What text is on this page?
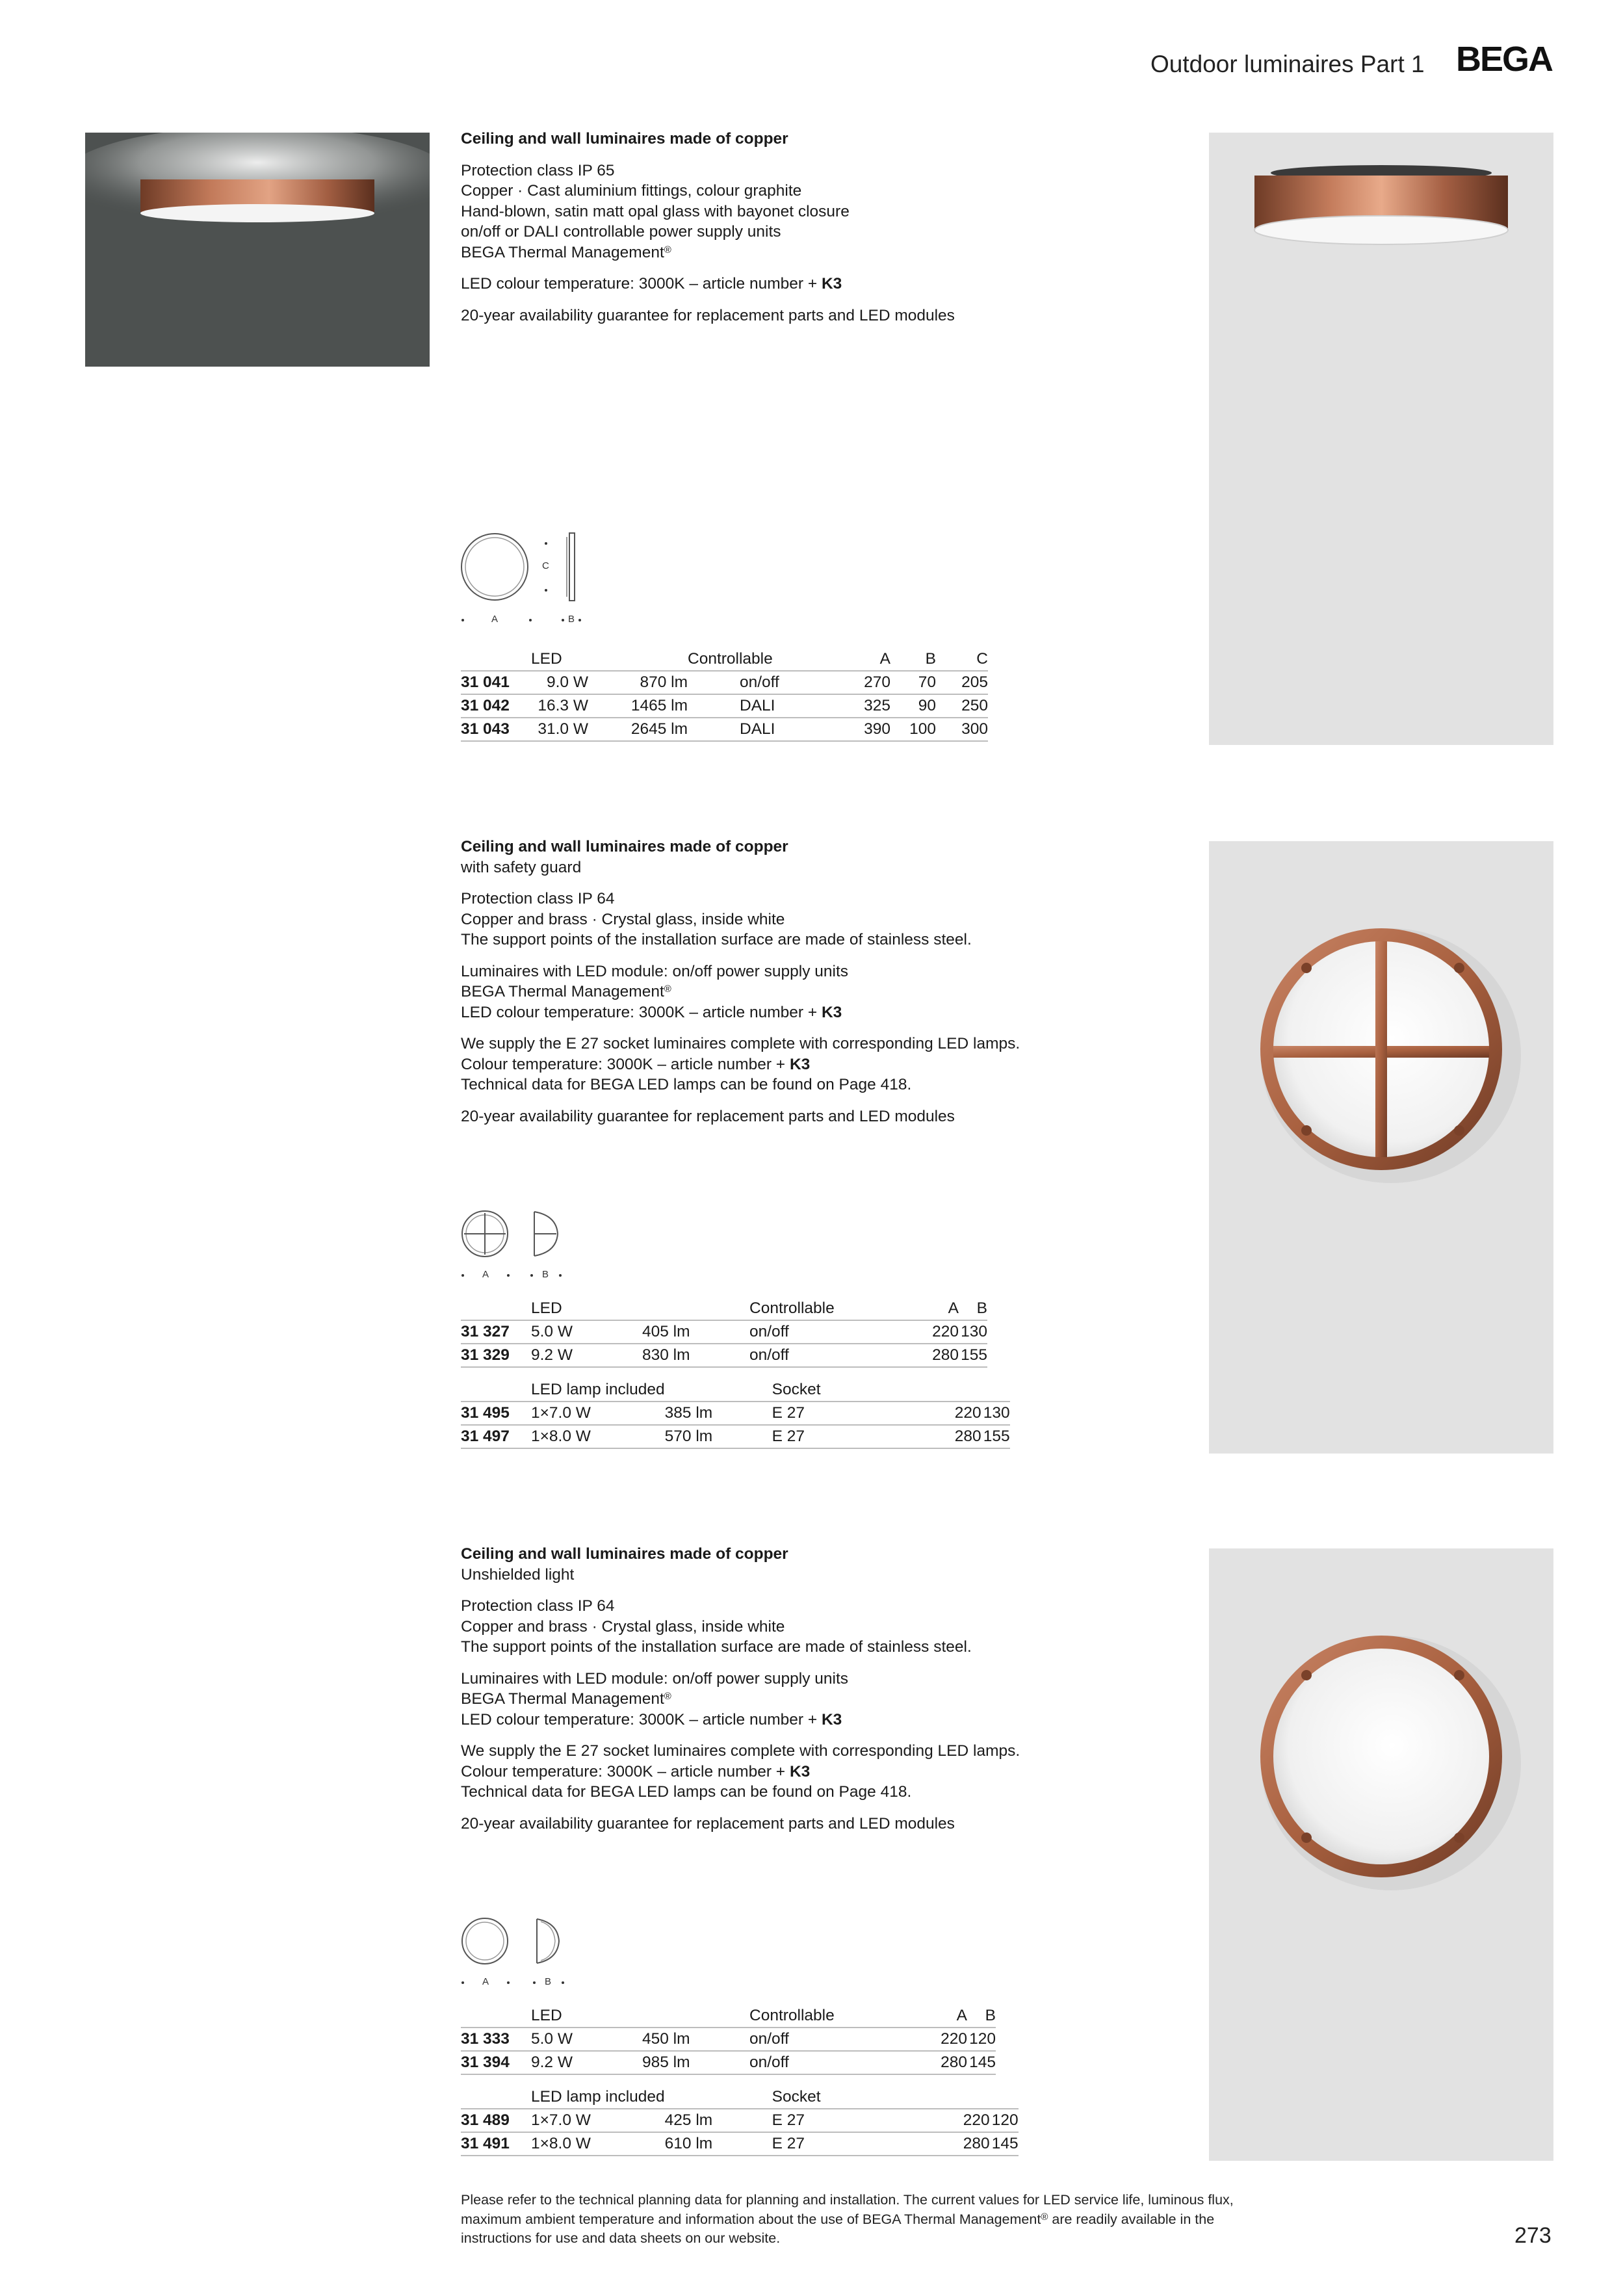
Outdoor luminaires Part 1 BEGA

Ceiling and wall luminaires made of copper

Protection class IP 65

Copper · Cast aluminium fittings, colour graphite

Hand-blown, satin matt opal glass with bayonet closure

on/off or DALI controllable power supply units

BEGA Thermal Management®

LED colour temperature: 3000K – article number + K3

20-year availability guarantee for replacement parts and LED modules

A	B
C
	LED		Controllable	A	B	C
31 041	9.0 W	870 lm	on/off	270	70	205
31 042	16.3 W	1465 lm	DALI	325	90	250
31 043	31.0 W	2645 lm	DALI	390	100	300

Ceiling and wall luminaires made of copper

with safety guard

Protection class IP 64

Copper and brass · Crystal glass, inside white

The support points of the installation surface are made of stainless steel.

Luminaires with LED module: on/off power supply units

BEGA Thermal Management®

LED colour temperature: 3000K – article number + K3

We supply the E 27 socket luminaires complete with corresponding LED lamps.

Colour temperature: 3000K – article number + K3

Technical data for BEGA LED lamps can be found on Page 418.

20-year availability guarantee for replacement parts and LED modules

A	B
	LED		Controllable	A	B
31 327	5.0 W	405 lm	on/off	220	130
31 329	9.2 W	830 lm	on/off	280	155
	LED lamp included		Socket		
31 495	1×7.0 W	385 lm	E 27	220	130
31 497	1×8.0 W	570 lm	E 27	280	155

Ceiling and wall luminaires made of copper

Unshielded light

Protection class IP 64

Copper and brass · Crystal glass, inside white

The support points of the installation surface are made of stainless steel.

Luminaires with LED module: on/off power supply units

BEGA Thermal Management®

LED colour temperature: 3000K – article number + K3

We supply the E 27 socket luminaires complete with corresponding LED lamps.

Colour temperature: 3000K – article number + K3

Technical data for BEGA LED lamps can be found on Page 418.

20-year availability guarantee for replacement parts and LED modules

A	B
	LED		Controllable	A	B
31 333	5.0 W	450 lm	on/off	220	120
31 394	9.2 W	985 lm	on/off	280	145
	LED lamp included		Socket		
31 489	1×7.0 W	425 lm	E 27	220	120
31 491	1×8.0 W	610 lm	E 27	280	145
Please refer to the technical planning data for planning and installation. The current values for LED service life, luminous flux,
maximum ambient temperature and information about the use of BEGA Thermal Management® are readily available in the
instructions for use and data sheets on our website.	273
